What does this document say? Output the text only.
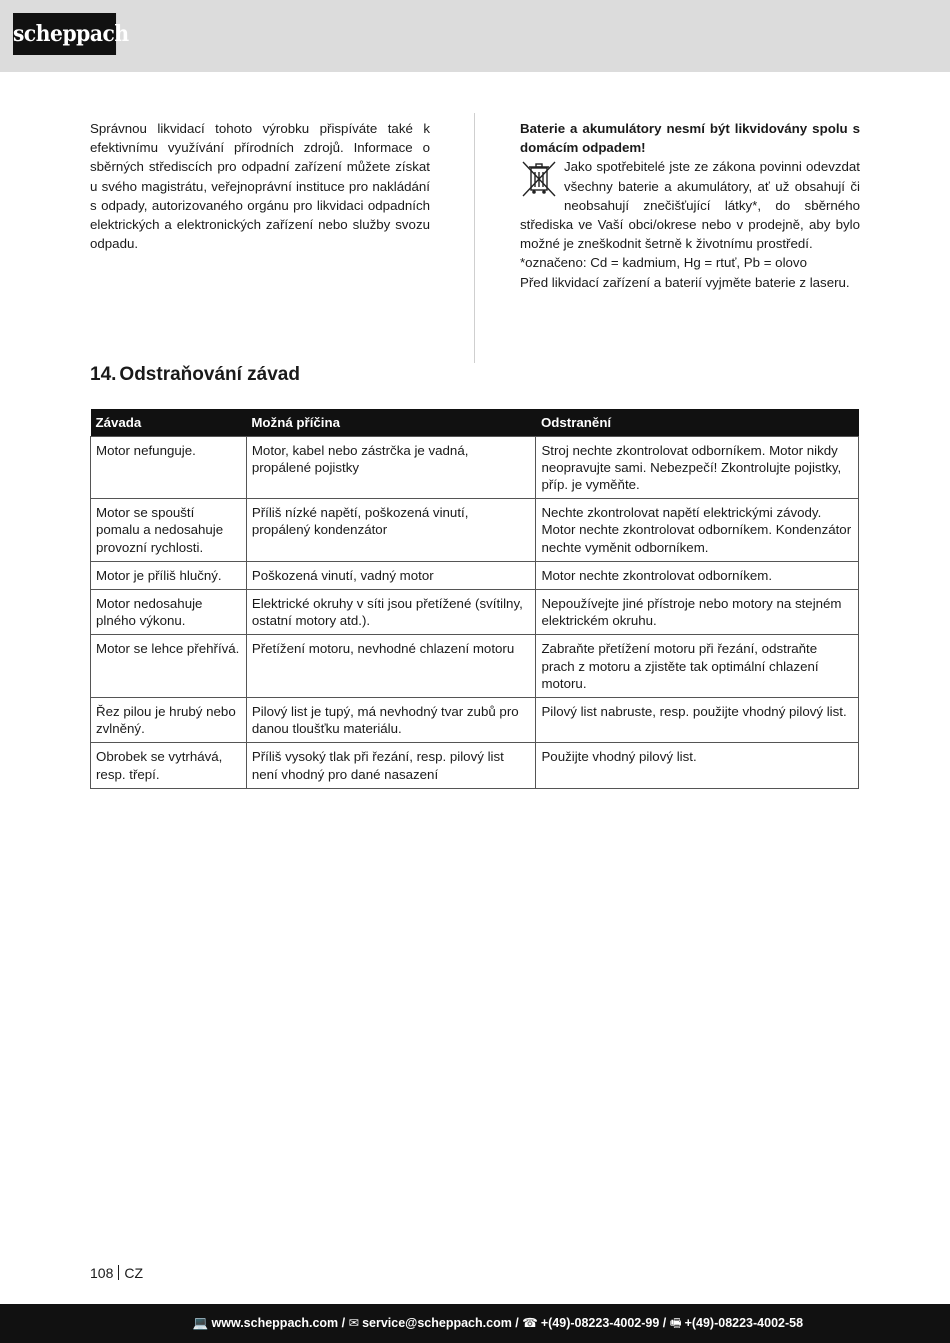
scheppach
Správnou likvidací tohoto výrobku přispíváte také k efektivnímu využívání přírodních zdrojů. Informace o sběrných střediscích pro odpadní zařízení můžete získat u svého magistrátu, veřejnoprávní instituce pro nakládání s odpady, autorizovaného orgánu pro likvidaci odpadních elektrických a elektronických zařízení nebo služby svozu odpadu.

Baterie a akumulátory nesmí být likvidovány spolu s domácím odpadem!

Jako spotřebitelé jste ze zákona povinni odevzdat všechny baterie a akumulátory, ať už obsahují či neobsahují znečišťující látky*, do sběrného střediska ve Vaší obci/okrese nebo v prodejně, aby bylo možné je zneškodnit šetrně k životnímu prostředí.

*označeno: Cd = kadmium, Hg = rtuť, Pb = olovo

Před likvidací zařízení a baterií vyjměte baterie z laseru.

14. Odstraňování závad
Závada	Možná příčina	Odstranění
Motor nefunguje.	Motor, kabel nebo zástrčka je vadná, propálené pojistky	Stroj nechte zkontrolovat odborníkem. Motor nikdy neopravujte sami. Nebezpečí! Zkontrolujte pojistky, příp. je vyměňte.
Motor se spouští pomalu a nedosahuje provozní rychlosti.	Příliš nízké napětí, poškozená vinutí, propálený kondenzátor	Nechte zkontrolovat napětí elektrickými závody. Motor nechte zkontrolovat odborníkem. Kondenzátor nechte vyměnit odborníkem.
Motor je příliš hlučný.	Poškozená vinutí, vadný motor	Motor nechte zkontrolovat odborníkem.
Motor nedosahuje plného výkonu.	Elektrické okruhy v síti jsou přetížené (svítilny, ostatní motory atd.).	Nepoužívejte jiné přístroje nebo motory na stejném elektrickém okruhu.
Motor se lehce přehřívá.	Přetížení motoru, nevhodné chlazení motoru	Zabraňte přetížení motoru při řezání, odstraňte prach z motoru a zjistěte tak optimální chlazení motoru.
Řez pilou je hrubý nebo zvlněný.	Pilový list je tupý, má nevhodný tvar zubů pro danou tloušťku materiálu.	Pilový list nabruste, resp. použijte vhodný pilový list.
Obrobek se vytrhává, resp. třepí.	Příliš vysoký tlak při řezání, resp. pilový list není vhodný pro dané nasazení	Použijte vhodný pilový list.
108 CZ
💻 www.scheppach.com / ✉ service@scheppach.com / ☎ +(49)-08223-4002-99 / 🖷 +(49)-08223-4002-58
